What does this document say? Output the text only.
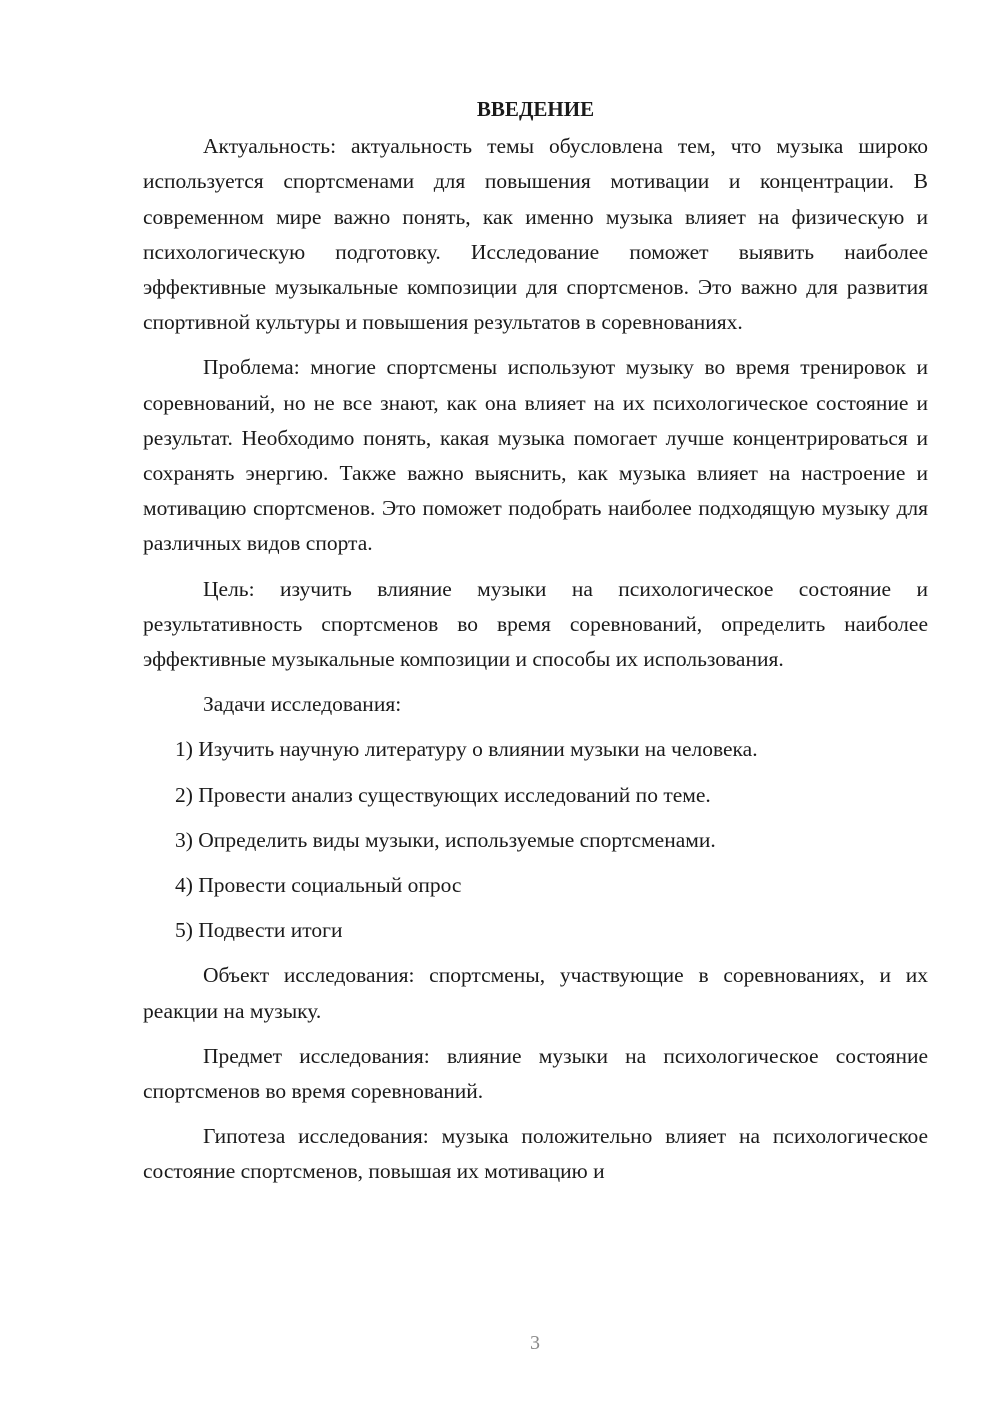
ВВЕДЕНИЕ

Актуальность: актуальность темы обусловлена тем, что музыка широко используется спортсменами для повышения мотивации и концентрации. В современном мире важно понять, как именно музыка влияет на физическую и психологическую подготовку. Исследование поможет выявить наиболее эффективные музыкальные композиции для спортсменов. Это важно для развития спортивной культуры и повышения результатов в соревнованиях.

Проблема: многие спортсмены используют музыку во время тренировок и соревнований, но не все знают, как она влияет на их психологическое состояние и результат. Необходимо понять, какая музыка помогает лучше концентрироваться и сохранять энергию. Также важно выяснить, как музыка влияет на настроение и мотивацию спортсменов. Это поможет подобрать наиболее подходящую музыку для различных видов спорта.

Цель: изучить влияние музыки на психологическое состояние и результативность спортсменов во время соревнований, определить наиболее эффективные музыкальные композиции и способы их использования.

Задачи исследования:

1) Изучить научную литературу о влиянии музыки на человека.

2) Провести анализ существующих исследований по теме.

3) Определить виды музыки, используемые спортсменами.

4) Провести социальный опрос

5) Подвести итоги

Объект исследования: спортсмены, участвующие в соревнованиях, и их реакции на музыку.

Предмет исследования: влияние музыки на психологическое состояние спортсменов во время соревнований.

Гипотеза исследования: музыка положительно влияет на психологическое состояние спортсменов, повышая их мотивацию и

3
